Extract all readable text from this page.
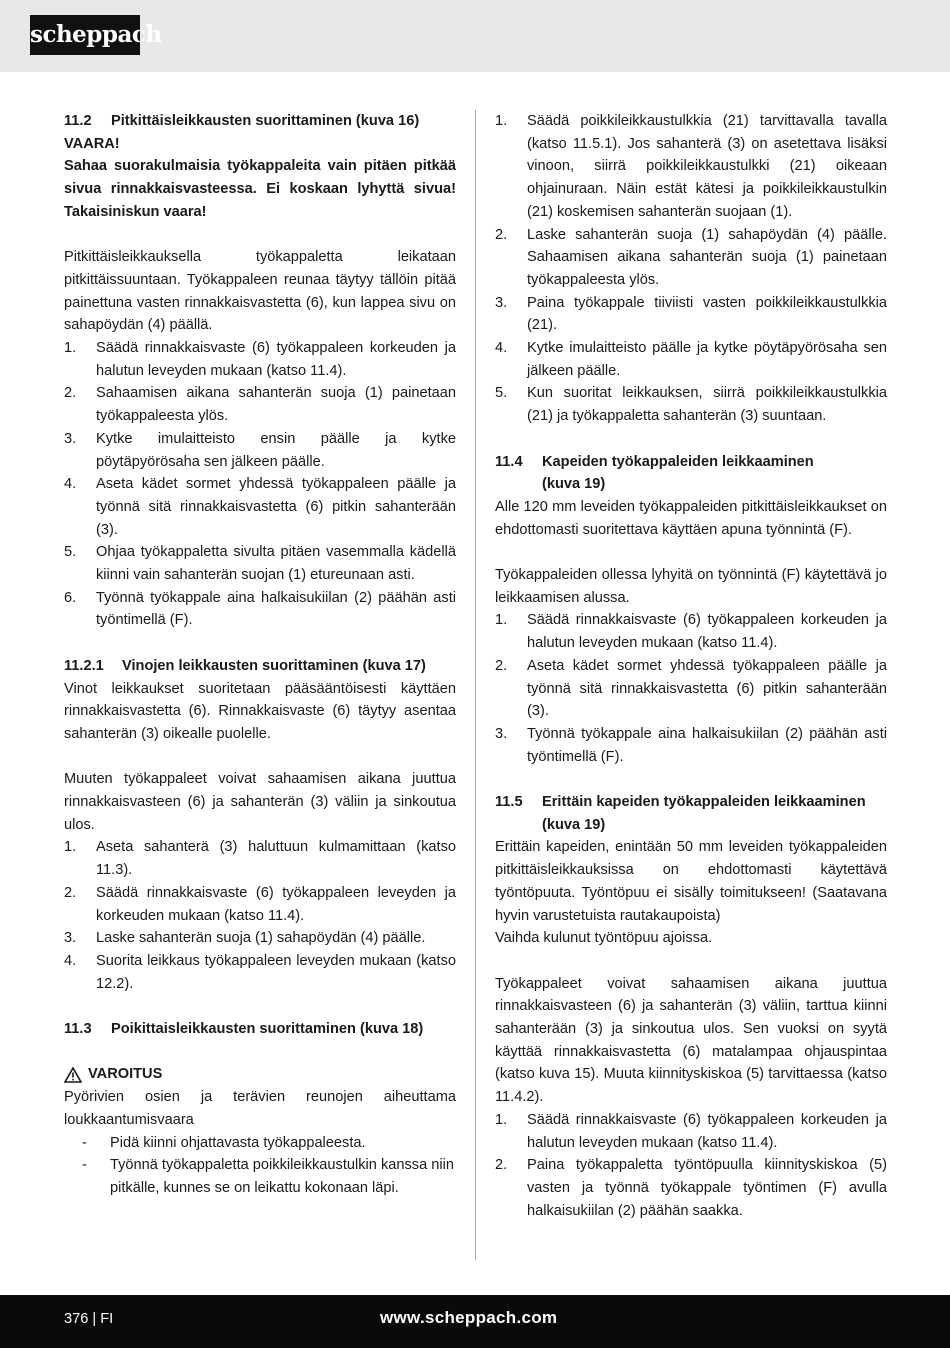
scheppach
11.2	Pitkittäisleikkausten suorittaminen (kuva 16)

VAARA!

Sahaa suorakulmaisia työkappaleita vain pitäen pitkää sivua rinnakkaisvasteessa. Ei koskaan lyhyttä sivua! Takaisiniskun vaara!

Pitkittäisleikkauksella työkappaletta leikataan pitkittäissuuntaan. Työkappaleen reunaa täytyy tällöin pitää painettuna vasten rinnakkaisvastetta (6), kun lappea sivu on sahapöydän (4) päällä.

1.	Säädä rinnakkaisvaste (6) työkappaleen korkeuden ja halutun leveyden mukaan (katso 11.4).
2.	Sahaamisen aikana sahanterän suoja (1) painetaan työkappaleesta ylös.
3.	Kytke imulaitteisto ensin päälle ja kytke pöytäpyörösaha sen jälkeen päälle.
4.	Aseta kädet sormet yhdessä työkappaleen päälle ja työnnä sitä rinnakkaisvastetta (6) pitkin sahanterään (3).
5.	Ohjaa työkappaletta sivulta pitäen vasemmalla kädellä kiinni vain sahanterän suojan (1) etureunaan asti.
6.	Työnnä työkappale aina halkaisukiilan (2) päähän asti työntimellä (F).
11.2.1	Vinojen leikkausten suorittaminen (kuva 17)

Vinot leikkaukset suoritetaan pääsääntöisesti käyttäen rinnakkaisvastetta (6). Rinnakkaisvaste (6) täytyy asentaa sahanterän (3) oikealle puolelle.

Muuten työkappaleet voivat sahaamisen aikana juuttua rinnakkaisvasteen (6) ja sahanterän (3) väliin ja sinkoutua ulos.

1.	Aseta sahanterä (3) haluttuun kulmamittaan (katso 11.3).
2.	Säädä rinnakkaisvaste (6) työkappaleen leveyden ja korkeuden mukaan (katso 11.4).
3.	Laske sahanterän suoja (1) sahapöydän (4) päälle.
4.	Suorita leikkaus työkappaleen leveyden mukaan (katso 12.2).
11.3	Poikittaisleikkausten suorittaminen (kuva 18)
VAROITUS

Pyörivien osien ja terävien reunojen aiheuttama loukkaantumisvaara

-	Pidä kiinni ohjattavasta työkappaleesta.
-	Työnnä työkappaletta poikkileikkaustulkin kanssa niin pitkälle, kunnes se on leikattu kokonaan läpi.
1.	Säädä poikkileikkaustulkkia (21) tarvittavalla tavalla (katso 11.5.1). Jos sahanterä (3) on asetettava lisäksi vinoon, siirrä poikkileikkaustulkki (21) oikeaan ohjainuraan. Näin estät kätesi ja poikkileikkaustulkin (21) koskemisen sahanterän suojaan (1).
2.	Laske sahanterän suoja (1) sahapöydän (4) päälle. Sahaamisen aikana sahanterän suoja (1) painetaan työkappaleesta ylös.
3.	Paina työkappale tiiviisti vasten poikkileikkaustulkkia (21).
4.	Kytke imulaitteisto päälle ja kytke pöytäpyörösaha sen jälkeen päälle.
5.	Kun suoritat leikkauksen, siirrä poikkileikkaustulkkia (21) ja työkappaletta sahanterän (3) suuntaan.
11.4	Kapeiden työkappaleiden leikkaaminen
(kuva 19)

Alle 120 mm leveiden työkappaleiden pitkittäisleikkaukset on ehdottomasti suoritettava käyttäen apuna työnnintä (F).

Työkappaleiden ollessa lyhyitä on työnnintä (F) käytettävä jo leikkaamisen alussa.

1.	Säädä rinnakkaisvaste (6) työkappaleen korkeuden ja halutun leveyden mukaan (katso 11.4).
2.	Aseta kädet sormet yhdessä työkappaleen päälle ja työnnä sitä rinnakkaisvastetta (6) pitkin sahanterään (3).
3.	Työnnä työkappale aina halkaisukiilan (2) päähän asti työntimellä (F).
11.5	Erittäin kapeiden työkappaleiden leikkaaminen (kuva 19)

Erittäin kapeiden, enintään 50 mm leveiden työkappaleiden pitkittäisleikkauksissa on ehdottomasti käytettävä työntöpuuta. Työntöpuu ei sisälly toimitukseen! (Saatavana hyvin varustetuista rautakaupoista)

Vaihda kulunut työntöpuu ajoissa.

Työkappaleet voivat sahaamisen aikana juuttua rinnakkaisvasteen (6) ja sahanterän (3) väliin, tarttua kiinni sahanterään (3) ja sinkoutua ulos. Sen vuoksi on syytä käyttää rinnakkaisvastetta (6) matalampaa ohjauspintaa (katso kuva 15). Muuta kiinnityskiskoa (5) tarvittaessa (katso 11.4.2).

1.	Säädä rinnakkaisvaste (6) työkappaleen korkeuden ja halutun leveyden mukaan (katso 11.4).
2.	Paina työkappaletta työntöpuulla kiinnityskiskoa (5) vasten ja työnnä työkappale työntimen (F) avulla halkaisukiilan (2) päähän saakka.
376 | FI	www.scheppach.com
